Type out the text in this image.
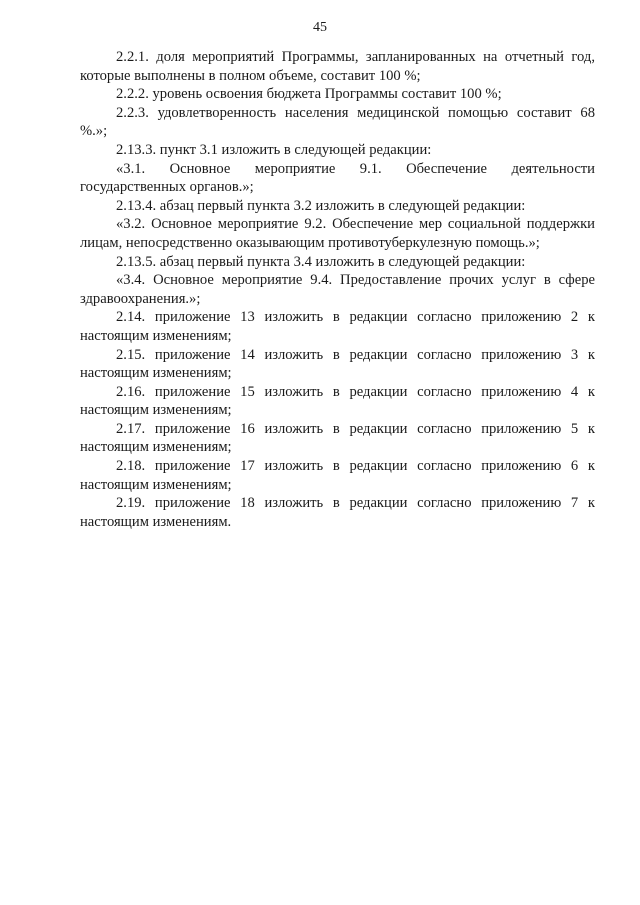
45

2.2.1. доля мероприятий Программы, запланированных на отчетный год, которые выполнены в полном объеме, составит 100 %;

2.2.2. уровень освоения бюджета Программы составит 100 %;

2.2.3. удовлетворенность населения медицинской помощью составит 68 %.»;

2.13.3. пункт 3.1 изложить в следующей редакции:

«3.1. Основное мероприятие 9.1. Обеспечение деятельности государственных органов.»;

2.13.4. абзац первый пункта 3.2 изложить в следующей редакции:

«3.2. Основное мероприятие 9.2. Обеспечение мер социальной поддержки лицам, непосредственно оказывающим противотуберкулезную помощь.»;

2.13.5. абзац первый пункта 3.4 изложить в следующей редакции:

«3.4. Основное мероприятие 9.4. Предоставление прочих услуг в сфере здравоохранения.»;

2.14. приложение 13 изложить в редакции согласно приложению 2 к настоящим изменениям;

2.15. приложение 14 изложить в редакции согласно приложению 3 к настоящим изменениям;

2.16. приложение 15 изложить в редакции согласно приложению 4 к настоящим изменениям;

2.17. приложение 16 изложить в редакции согласно приложению 5 к настоящим изменениям;

2.18. приложение 17 изложить в редакции согласно приложению 6 к настоящим изменениям;

2.19. приложение 18 изложить в редакции согласно приложению 7 к настоящим изменениям.
